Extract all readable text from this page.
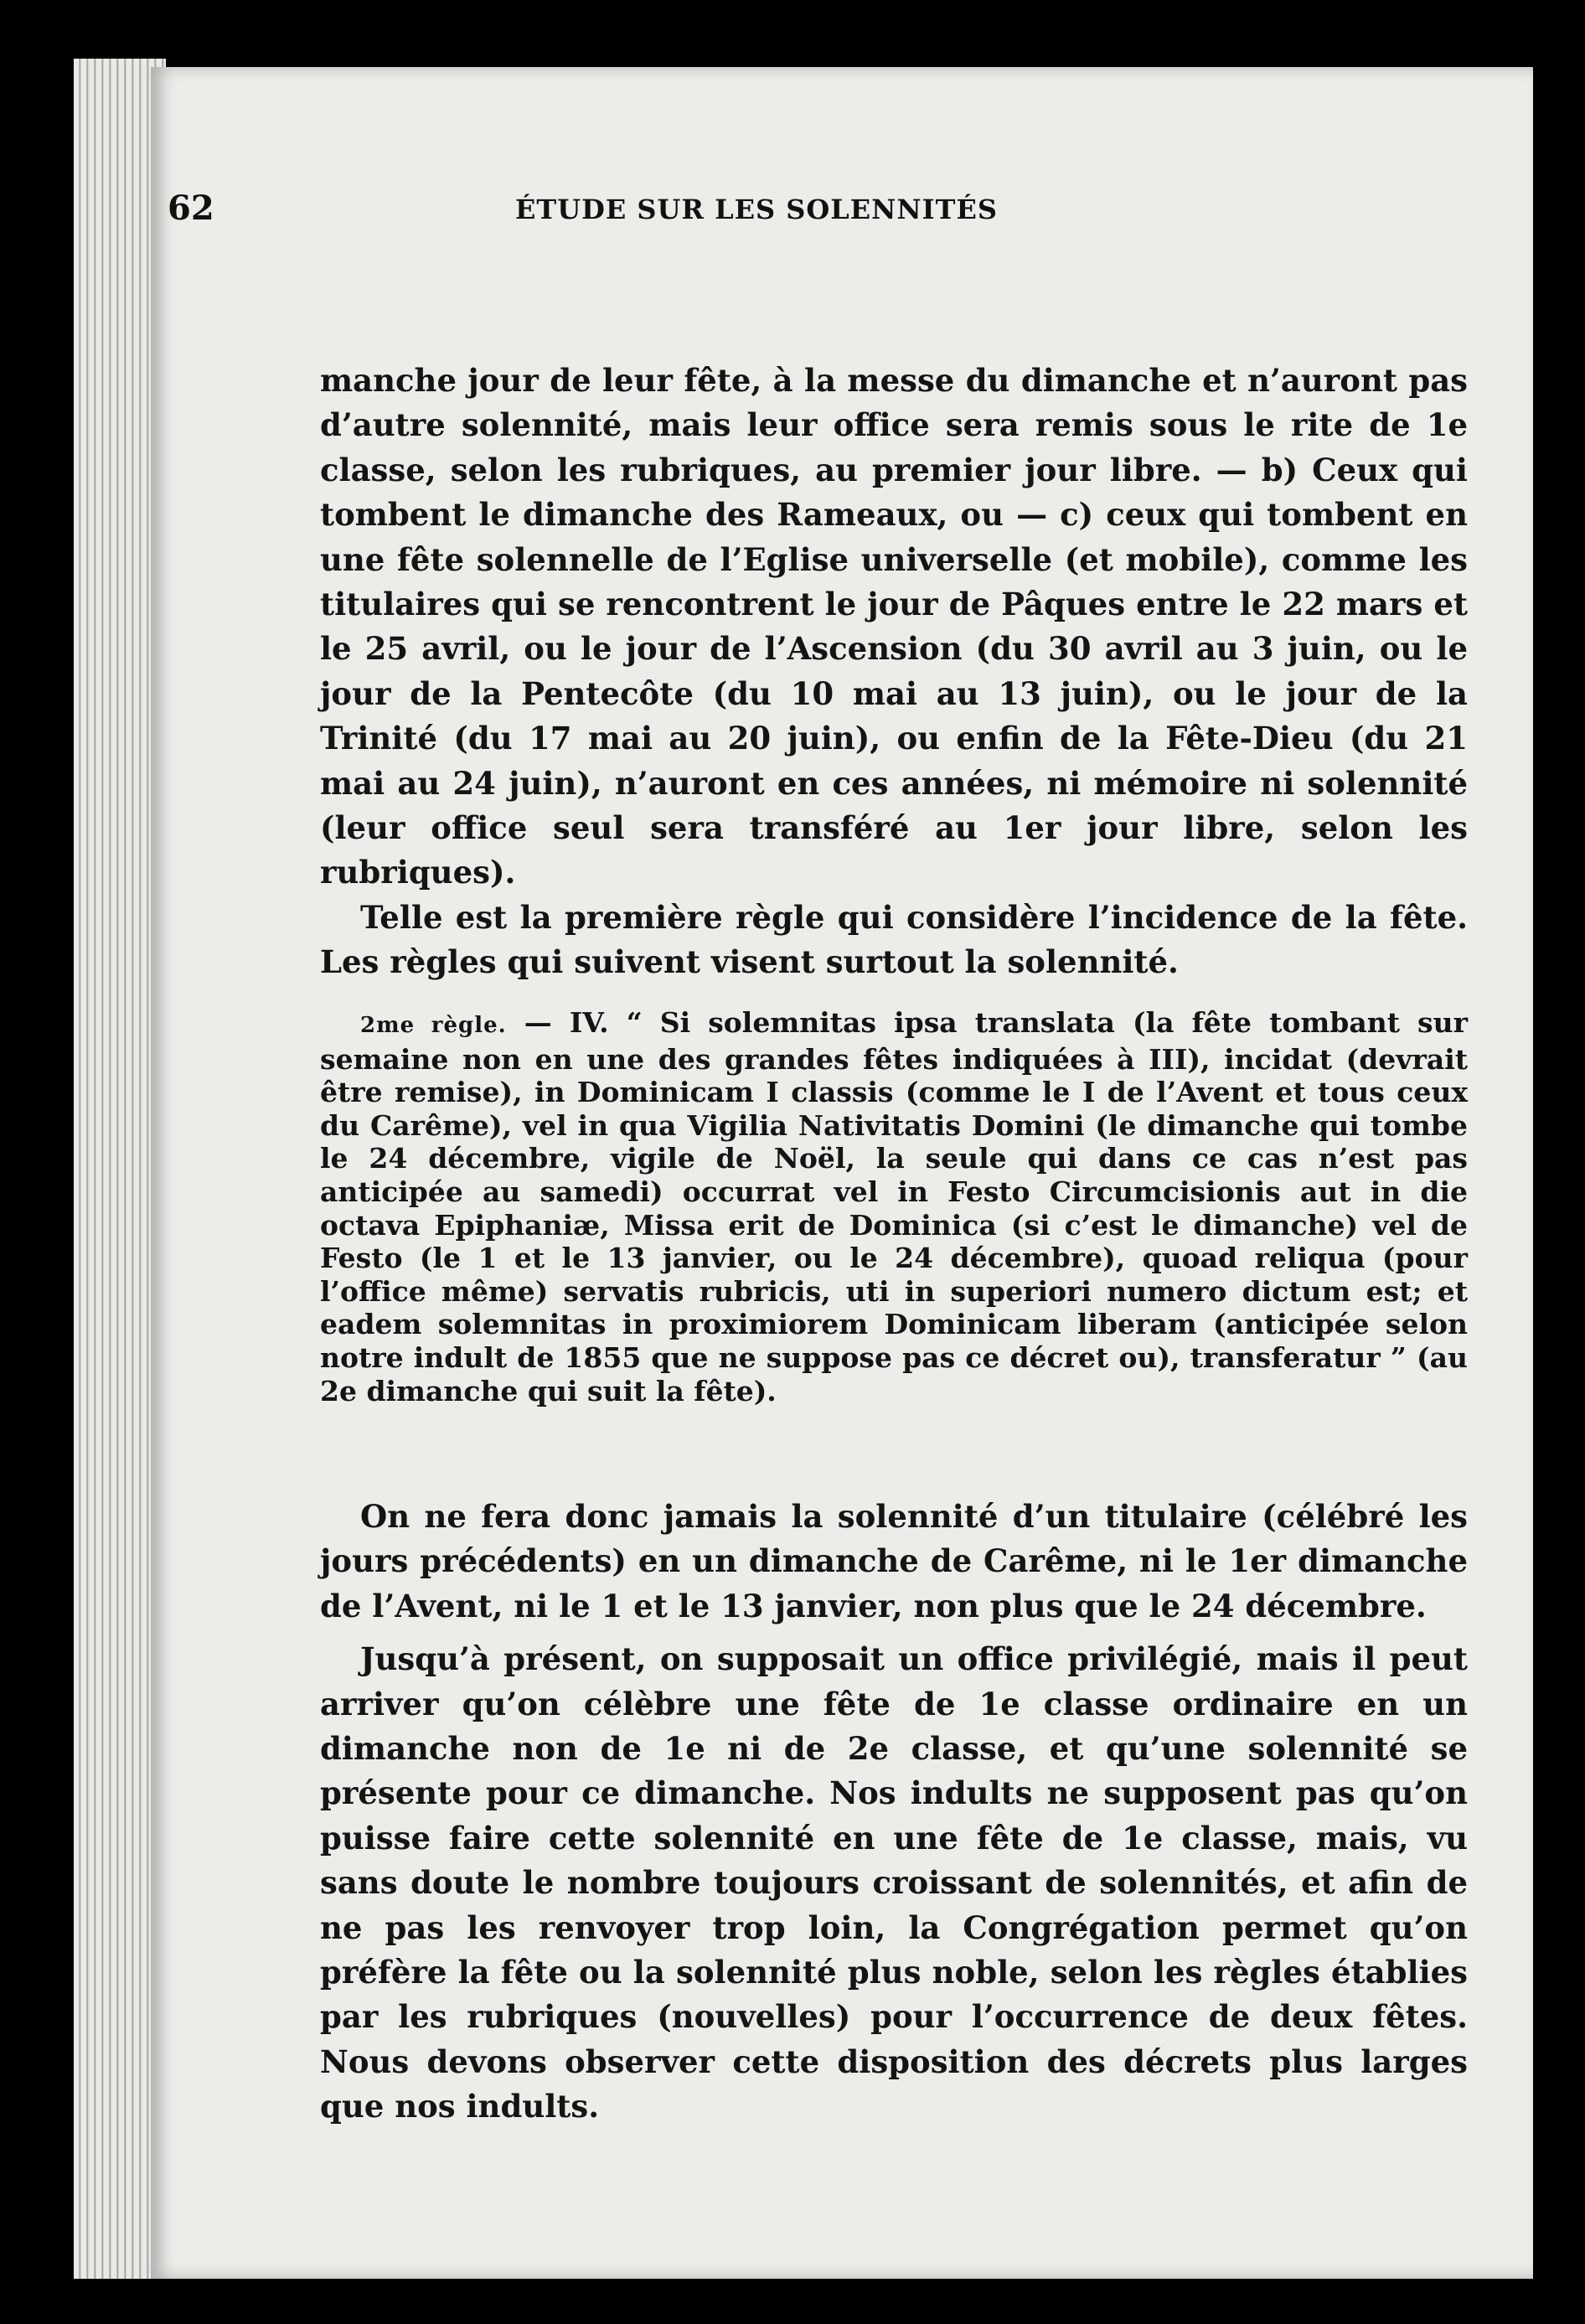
62	ÉTUDE SUR LES SOLENNITÉS

manche jour de leur fête, à la messe du dimanche et n’auront pas d’autre solennité, mais leur office sera remis sous le rite de 1e classe, selon les rubriques, au premier jour libre. — b) Ceux qui tombent le dimanche des Rameaux, ou — c) ceux qui tombent en une fête solennelle de l’Eglise universelle (et mobile), comme les titulaires qui se rencontrent le jour de Pâques entre le 22 mars et le 25 avril, ou le jour de l’Ascension (du 30 avril au 3 juin, ou le jour de la Pentecôte (du 10 mai au 13 juin), ou le jour de la Trinité (du 17 mai au 20 juin), ou enfin de la Fête-Dieu (du 21 mai au 24 juin), n’auront en ces années, ni mémoire ni solennité (leur office seul sera transféré au 1er jour libre, selon les rubriques).

Telle est la première règle qui considère l’incidence de la fête. Les règles qui suivent visent surtout la solennité.

2me règle. — IV. “ Si solemnitas ipsa translata (la fête tombant sur semaine non en une des grandes fêtes indiquées à III), incidat (devrait être remise), in Dominicam I classis (comme le I de l’Avent et tous ceux du Carême), vel in qua Vigilia Nativitatis Domini (le dimanche qui tombe le 24 décembre, vigile de Noël, la seule qui dans ce cas n’est pas anticipée au samedi) occurrat vel in Festo Circumcisionis aut in die octava Epiphaniæ, Missa erit de Dominica (si c’est le dimanche) vel de Festo (le 1 et le 13 janvier, ou le 24 décembre), quoad reliqua (pour l’office même) servatis rubricis, uti in superiori numero dictum est; et eadem solemnitas in proximiorem Dominicam liberam (anticipée selon notre indult de 1855 que ne suppose pas ce décret ou), transferatur ” (au 2e dimanche qui suit la fête).

On ne fera donc jamais la solennité d’un titulaire (célébré les jours précédents) en un dimanche de Carême, ni le 1er dimanche de l’Avent, ni le 1 et le 13 janvier, non plus que le 24 décembre.

Jusqu’à présent, on supposait un office privilégié, mais il peut arriver qu’on célèbre une fête de 1e classe ordinaire en un dimanche non de 1e ni de 2e classe, et qu’une solennité se présente pour ce dimanche. Nos indults ne supposent pas qu’on puisse faire cette solennité en une fête de 1e classe, mais, vu sans doute le nombre toujours croissant de solennités, et afin de ne pas les renvoyer trop loin, la Congrégation permet qu’on préfère la fête ou la solennité plus noble, selon les règles établies par les rubriques (nouvelles) pour l’occurrence de deux fêtes. Nous devons observer cette disposition des décrets plus larges que nos indults.
